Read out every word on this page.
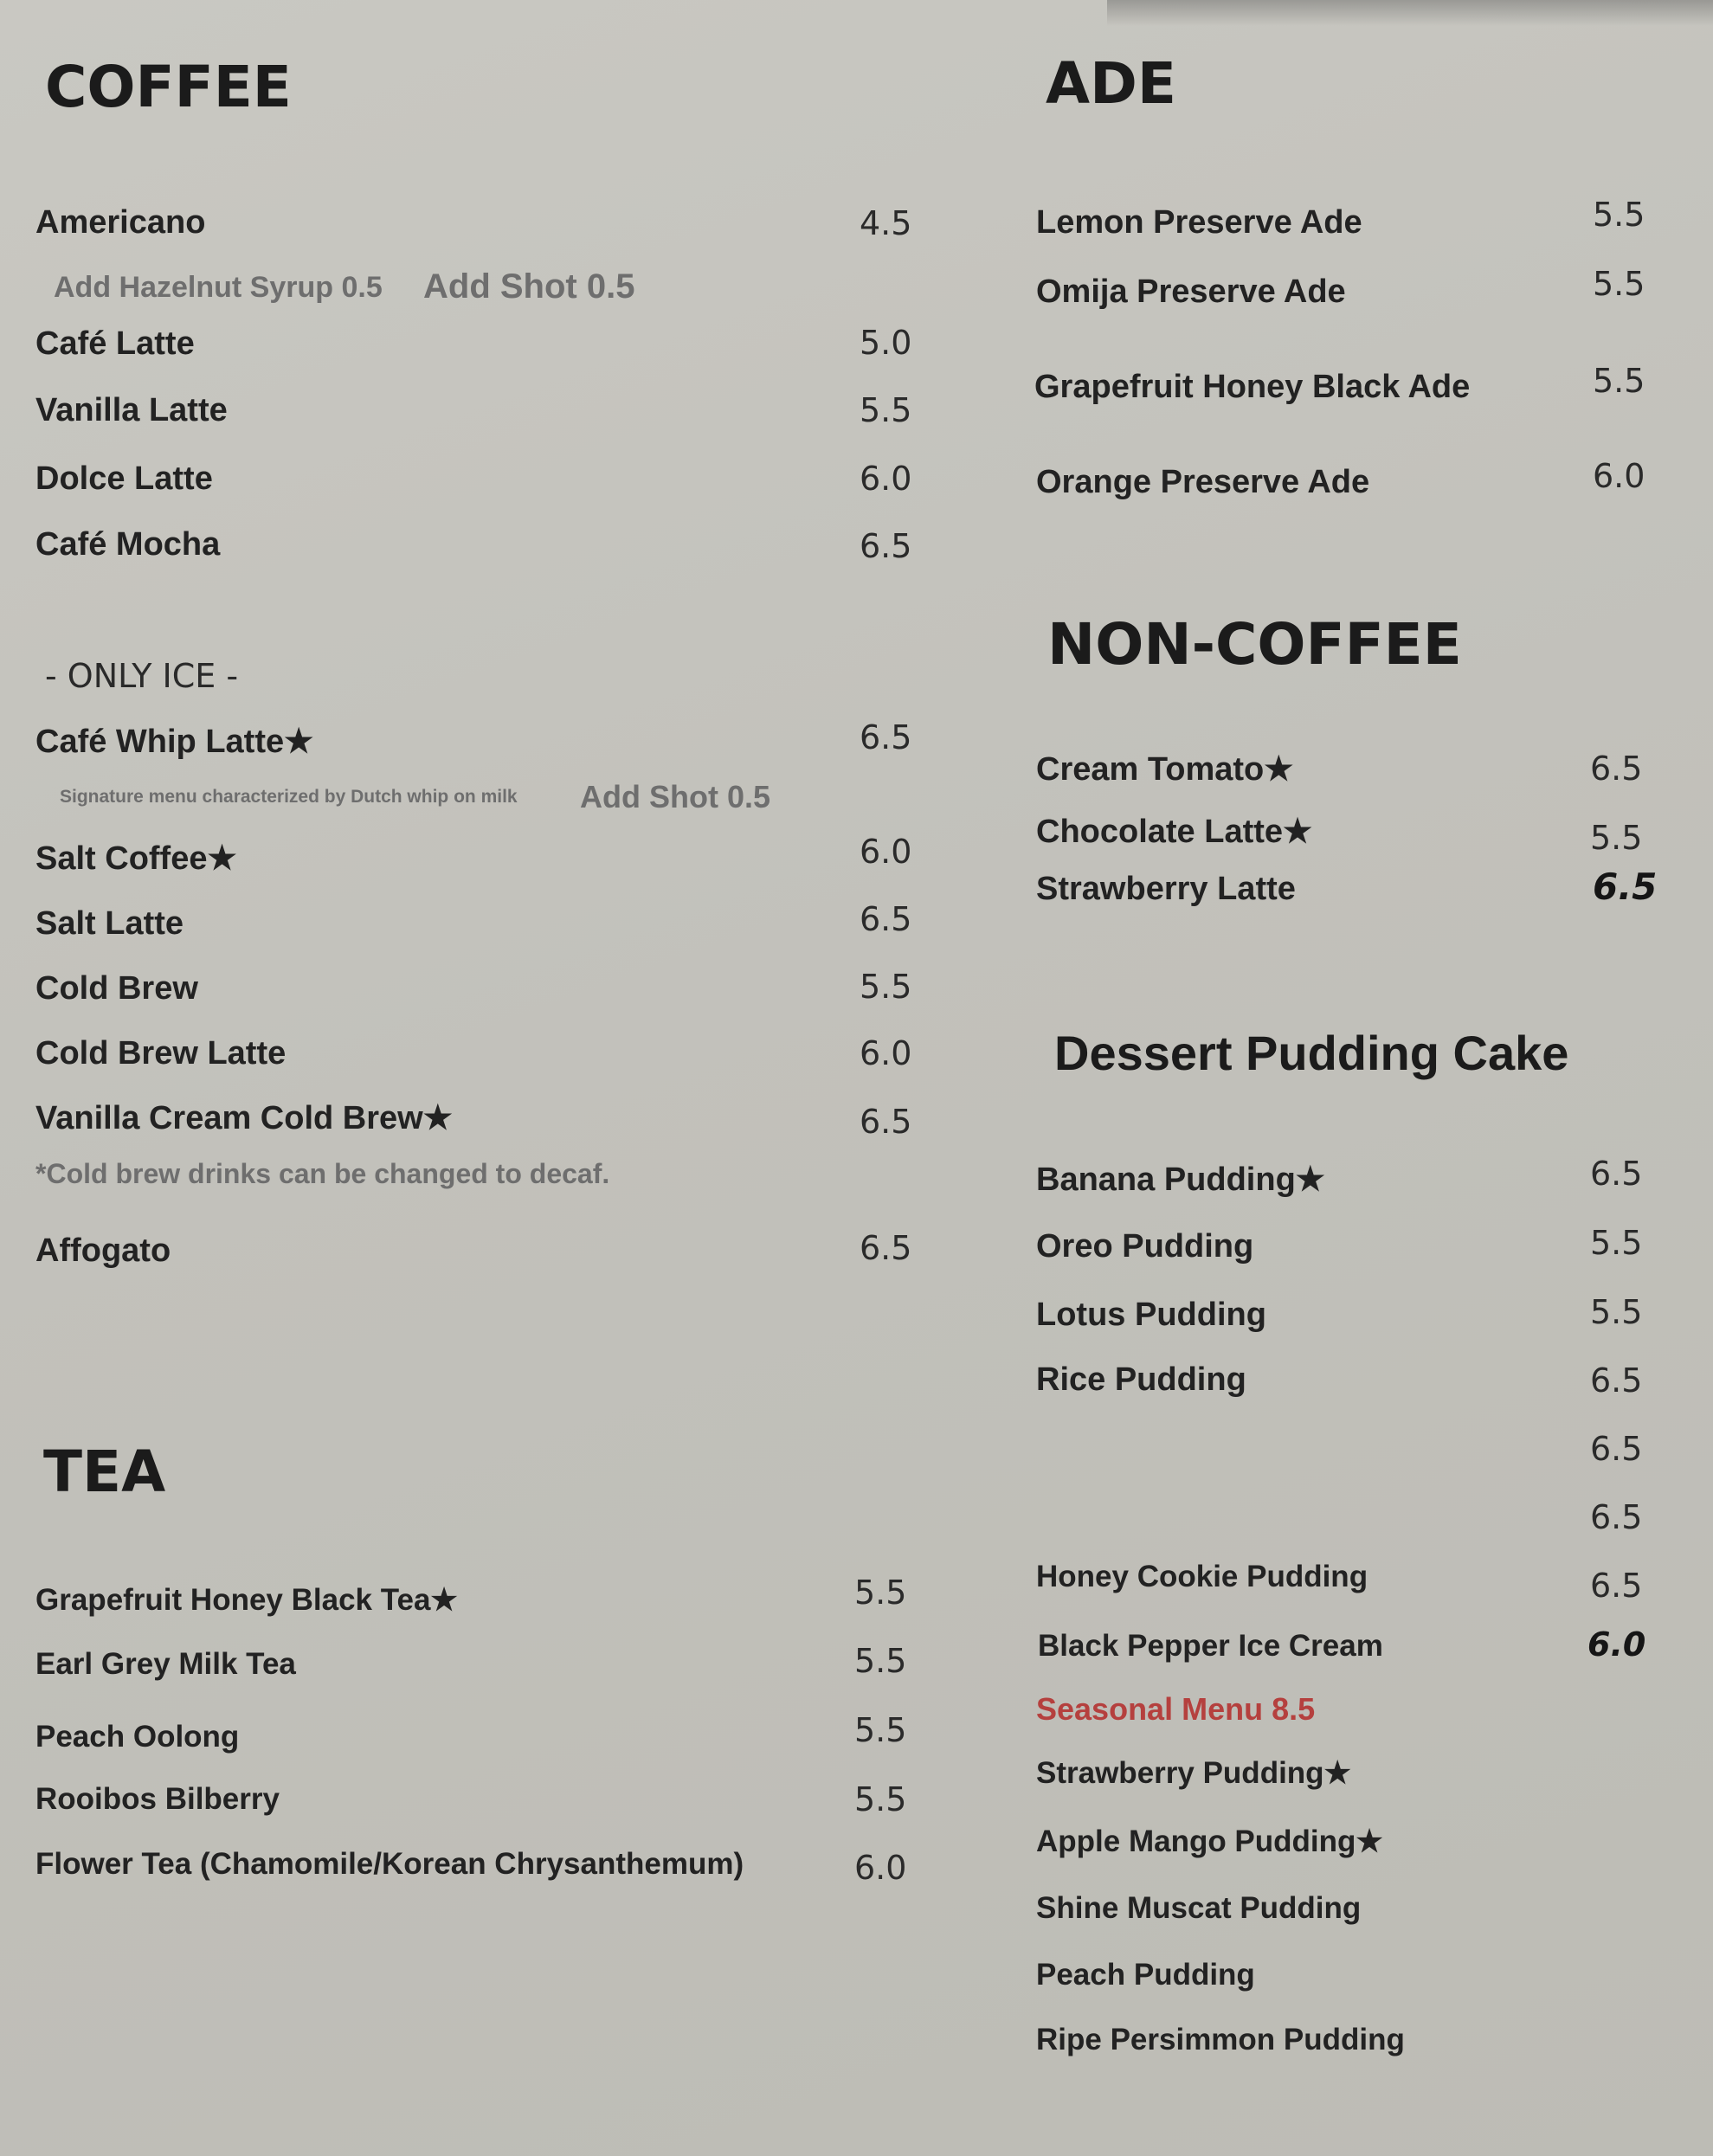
COFFEE
Americano	4.5
Add Hazelnut Syrup 0.5 Add Shot 0.5
Café Latte	5.0
Vanilla Latte	5.5
Dolce Latte	6.0
Café Mocha	6.5
- ONLY ICE -
Café Whip Latte★	6.5
Signature menu characterized by Dutch whip on milk Add Shot 0.5
Salt Coffee★	6.0
Salt Latte	6.5
Cold Brew	5.5
Cold Brew Latte	6.0
Vanilla Cream Cold Brew★	6.5
*Cold brew drinks can be changed to decaf.
Affogato	6.5
TEA
Grapefruit Honey Black Tea★	5.5
Earl Grey Milk Tea	5.5
Peach Oolong	5.5
Rooibos Bilberry	5.5
Flower Tea (Chamomile/Korean Chrysanthemum)	6.0
ADE
Lemon Preserve Ade	5.5
Omija Preserve Ade	5.5
Grapefruit Honey Black Ade	5.5
Orange Preserve Ade	6.0
NON-COFFEE
Cream Tomato★	6.5
Chocolate Latte★	5.5
Strawberry Latte	6.5
Dessert Pudding Cake
Banana Pudding★	6.5
Oreo Pudding	5.5
Lotus Pudding	5.5
Rice Pudding	6.5
6.5
6.5
Honey Cookie Pudding	6.5
Black Pepper Ice Cream	6.0
Seasonal Menu 8.5
Strawberry Pudding★
Apple Mango Pudding★
Shine Muscat Pudding
Peach Pudding
Ripe Persimmon Pudding
